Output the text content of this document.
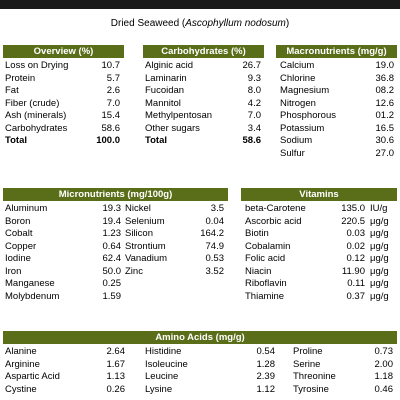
Dried Seaweed (Ascophyllum nodosum)
Overview (%)
Loss on Drying	10.7
Protein	5.7
Fat	2.6
Fiber (crude)	7.0
Ash (minerals)	15.4
Carbohydrates	58.6
Total	100.0
Carbohydrates (%)
Alginic acid	26.7
Laminarin	9.3
Fucoidan	8.0
Mannitol	4.2
Methylpentosan	7.0
Other sugars	3.4
Total	58.6
Macronutrients (mg/g)
Calcium	19.0
Chlorine	36.8
Magnesium	08.2
Nitrogen	12.6
Phosphorous	01.2
Potassium	16.5
Sodium	30.6
Sulfur	27.0
Micronutrients (mg/100g)
Aluminum	19.3
Boron	19.4
Cobalt	1.23
Copper	0.64
Iodine	62.4
Iron	50.0
Manganese	0.25
Molybdenum	1.59
Nickel	3.5
Selenium	0.04
Silicon	164.2
Strontium	74.9
Vanadium	0.53
Zinc	3.52
Vitamins
beta-Carotene	135.0 IU/g
Ascorbic acid	220.5 μg/g
Biotin	0.03 μg/g
Cobalamin	0.02 μg/g
Folic acid	0.12 μg/g
Niacin	11.90 μg/g
Riboflavin	0.11 μg/g
Thiamine	0.37 μg/g
Amino Acids (mg/g)
Alanine	2.64
Arginine	1.67
Aspartic Acid	1.13
Cystine	0.26
Histidine	0.54
Isoleucine	1.28
Leucine	2.39
Lysine	1.12
Proline	0.73
Serine	2.00
Threonine	1.18
Tyrosine	0.46
